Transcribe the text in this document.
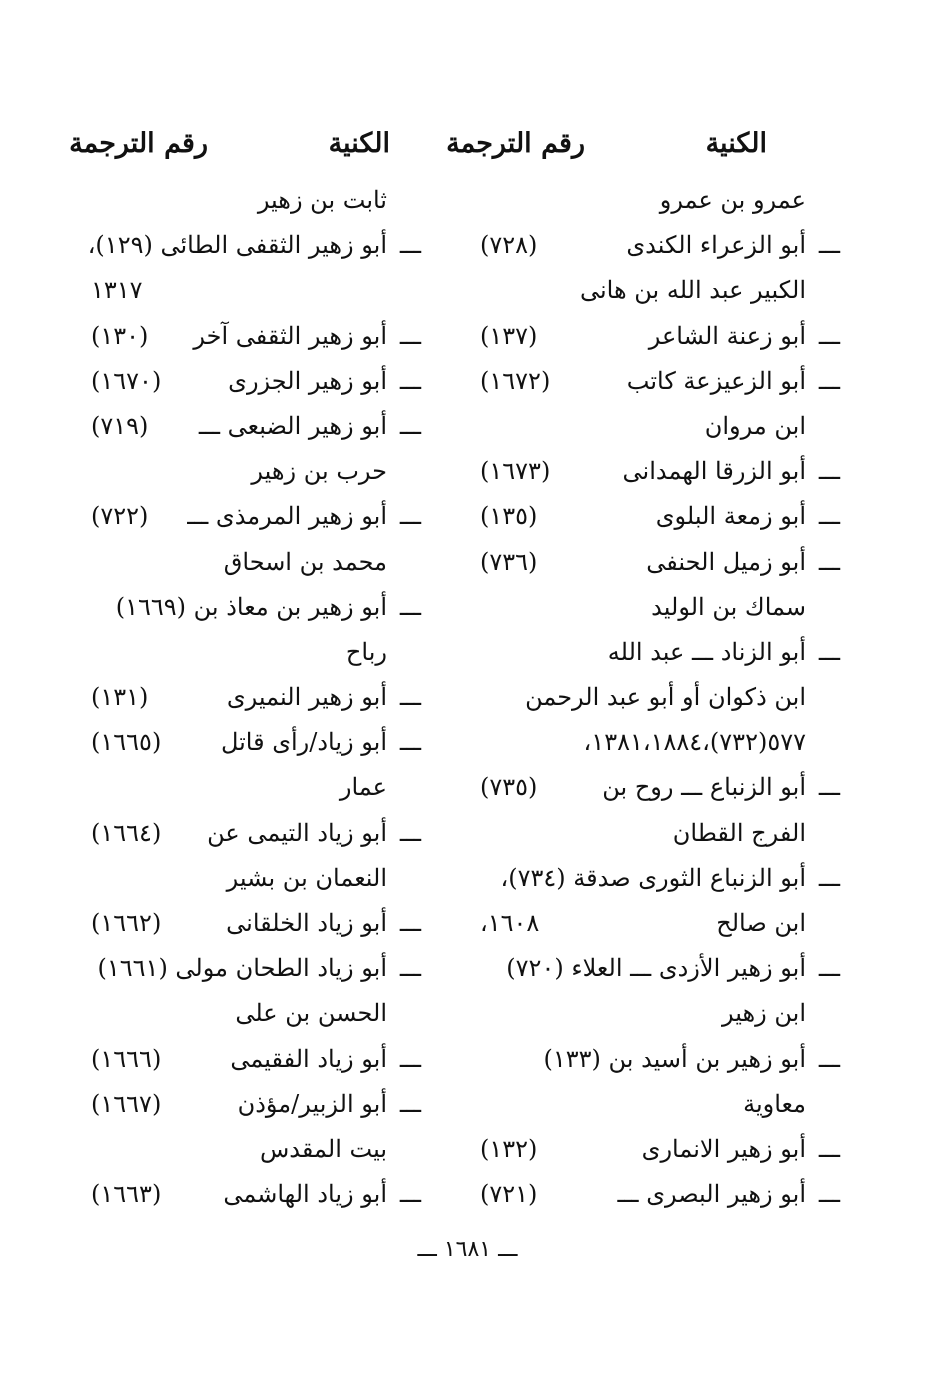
الكنية
رقم الترجمة
الكنية
رقم الترجمة
عمرو بن عمرو
ـــ
أبو الزعراء الكندى
(٧٢٨)
الكبير عبد الله بن هانى
ـــ
أبو زعنة الشاعر
(١٣٧)
ـــ
أبو الزعيزعة كاتب
(١٦٧٢)
ابن مروان
ـــ
أبو الزرقا الهمدانى
(١٦٧٣)
ـــ
أبو زمعة البلوى
(١٣٥)
ـــ
أبو زميل الحنفى
(٧٣٦)
سماك بن الوليد
ـــ
أبو الزناد ـــ عبد الله
ابن ذكوان أو أبو عبد الرحمن
٥٧٧(٧٣٢)،١٣٨١،١٨٨٤،
ـــ
أبو الزنباع ـــ روح بن
(٧٣٥)
الفرج القطان
ـــ
أبو الزنباع الثورى صدقة (٧٣٤)،
ابن صالح
١٦٠٨،
ـــ
أبو زهير الأزدى ـــ العلاء (٧٢٠)
ابن زهير
ـــ
أبو زهير بن أسيد بن (١٣٣)
معاوية
ـــ
أبو زهير الانمارى
(١٣٢)
ـــ
أبو زهير البصرى ـــ
(٧٢١)
ثابت بن زهير
ـــ
أبو زهير الثقفى الطائى (١٢٩)،
١٣١٧
ـــ
أبو زهير الثقفى آخر
(١٣٠)
ـــ
أبو زهير الجزرى
(١٦٧٠)
ـــ
أبو زهير الضبعى ـــ
(٧١٩)
حرب بن زهير
ـــ
أبو زهير المرمذى ـــ
(٧٢٢)
محمد بن اسحاق
ـــ
أبو زهير بن معاذ بن (١٦٦٩)
رباح
ـــ
أبو زهير النميرى
(١٣١)
ـــ
أبو زياد/رأى قاتل
(١٦٦٥)
عمار
ـــ
أبو زياد التيمى عن
(١٦٦٤)
النعمان بن بشير
ـــ
أبو زياد الخلقانى
(١٦٦٢)
ـــ
أبو زياد الطحان مولى (١٦٦١)
الحسن بن على
ـــ
أبو زياد الفقيمى
(١٦٦٦)
ـــ
أبو الزبير/مؤذن
(١٦٦٧)
بيت المقدس
ـــ
أبو زياد الهاشمى
(١٦٦٣)
ـــ ١٦٨١ ـــ
